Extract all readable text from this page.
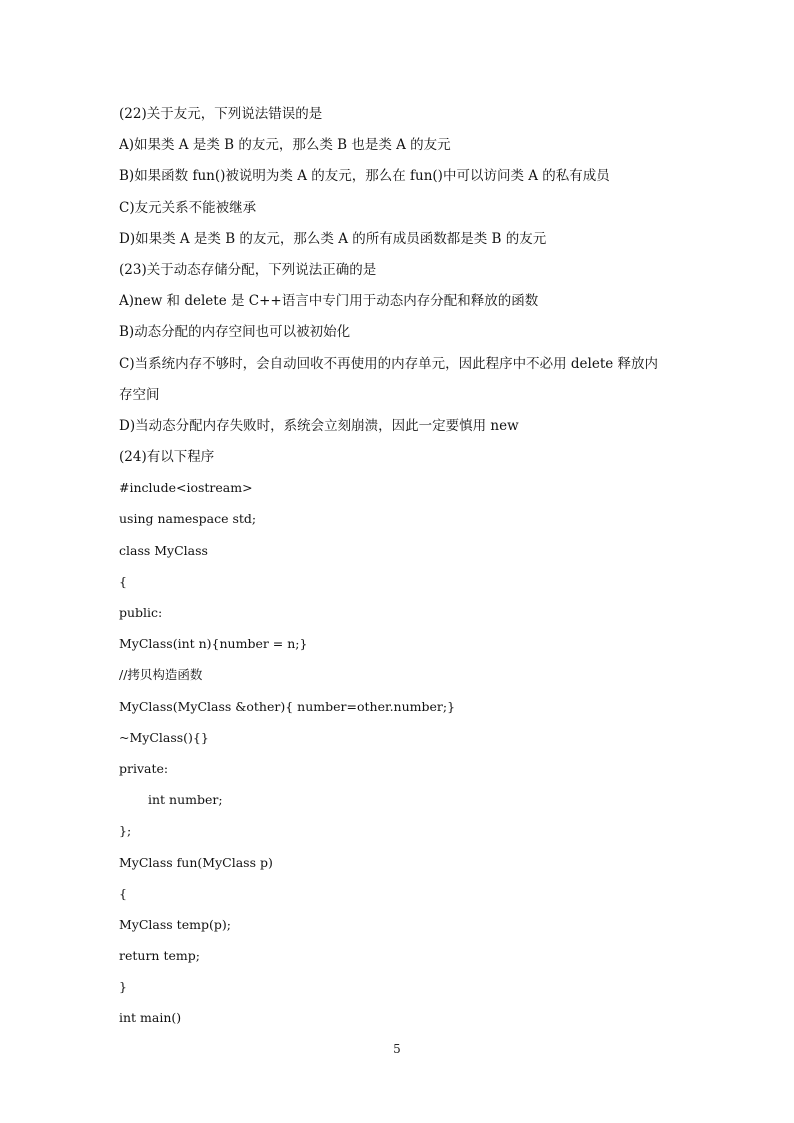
(22)关于友元，下列说法错误的是
A)如果类 A 是类 B 的友元，那么类 B 也是类 A 的友元
B)如果函数 fun()被说明为类 A 的友元，那么在 fun()中可以访问类 A 的私有成员
C)友元关系不能被继承
D)如果类 A 是类 B 的友元，那么类 A 的所有成员函数都是类 B 的友元
(23)关于动态存储分配，下列说法正确的是
A)new 和 delete 是 C++语言中专门用于动态内存分配和释放的函数
B)动态分配的内存空间也可以被初始化
C)当系统内存不够时，会自动回收不再使用的内存单元，因此程序中不必用 delete 释放内
存空间
D)当动态分配内存失败时，系统会立刻崩溃，因此一定要慎用 new
(24)有以下程序
#include<iostream>
using namespace std;
class MyClass
{
public:
MyClass(int n){number = n;}
//拷贝构造函数
MyClass(MyClass &other){ number=other.number;}
~MyClass(){}
private:
int number;
};
MyClass fun(MyClass p)
{
MyClass temp(p);
return temp;
}
int main()
5
